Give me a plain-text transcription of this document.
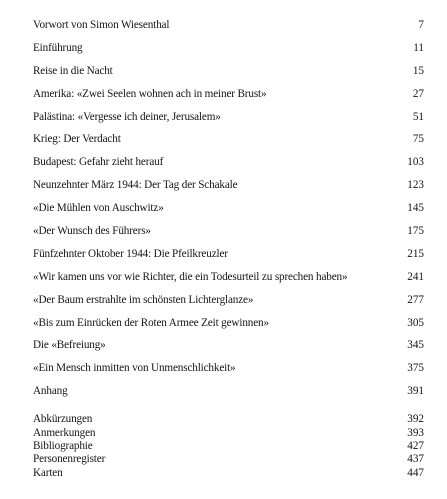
Vorwort von Simon Wiesenthal	7
Einführung	11
Reise in die Nacht	15
Amerika: «Zwei Seelen wohnen ach in meiner Brust»	27
Palästina: «Vergesse ich deiner, Jerusalem»	51
Krieg: Der Verdacht	75
Budapest: Gefahr zieht herauf	103
Neunzehnter März 1944: Der Tag der Schakale	123
«Die Mühlen von Auschwitz»	145
«Der Wunsch des Führers»	175
Fünfzehnter Oktober 1944: Die Pfeilkreuzler	215
«Wir kamen uns vor wie Richter, die ein Todesurteil zu sprechen haben»	241
«Der Baum erstrahlte im schönsten Lichterglanze»	277
«Bis zum Einrücken der Roten Armee Zeit gewinnen»	305
Die «Befreiung»	345
«Ein Mensch inmitten von Unmenschlichkeit»	375
Anhang	391
Abkürzungen	392
Anmerkungen	393
Bibliographie	427
Personenregister	437
Karten	447
